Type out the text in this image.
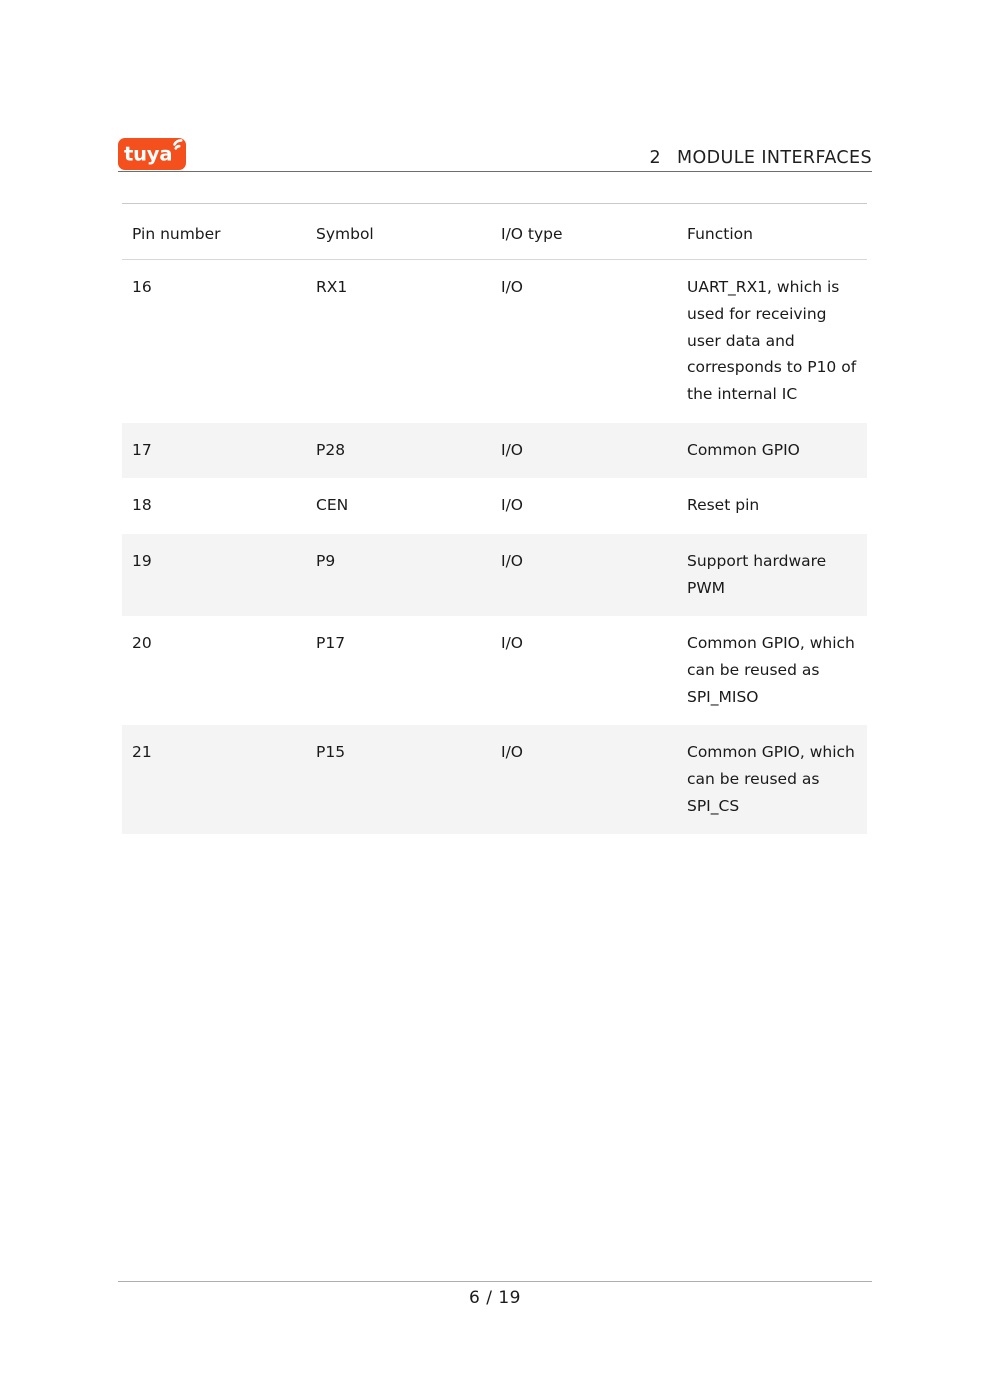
tuya	2 MODULE INTERFACES
Pin number	Symbol	I/O type	Function
16	RX1	I/O	UART_RX1, which is used for receiving user data and corresponds to P10 of the internal IC
17	P28	I/O	Common GPIO
18	CEN	I/O	Reset pin
19	P9	I/O	Support hardware PWM
20	P17	I/O	Common GPIO, which can be reused as SPI_MISO
21	P15	I/O	Common GPIO, which can be reused as SPI_CS
6 / 19
